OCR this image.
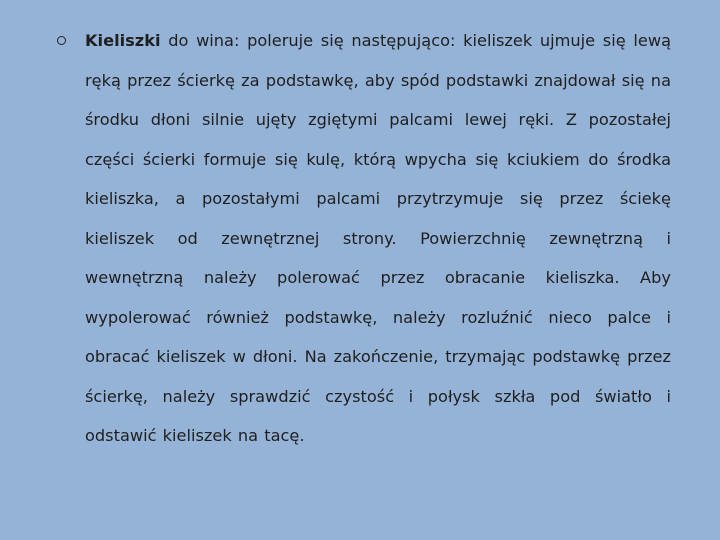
Kieliszki do wina: poleruje się następująco: kieliszek ujmuje się lewą ręką przez ścierkę za podstawkę, aby spód podstawki znajdował się na środku dłoni silnie ujęty zgiętymi palcami lewej ręki. Z pozostałej części ścierki formuje się kulę, którą wpycha się kciukiem do środka kieliszka, a pozostałymi palcami przytrzymuje się przez ściekę kieliszek od zewnętrznej strony. Powierzchnię zewnętrzną i wewnętrzną należy polerować przez obracanie kieliszka. Aby wypolerować również podstawkę, należy rozluźnić nieco palce i obracać kieliszek w dłoni. Na zakończenie, trzymając podstawkę przez ścierkę, należy sprawdzić czystość i połysk szkła pod światło i odstawić kieliszek na tacę.
